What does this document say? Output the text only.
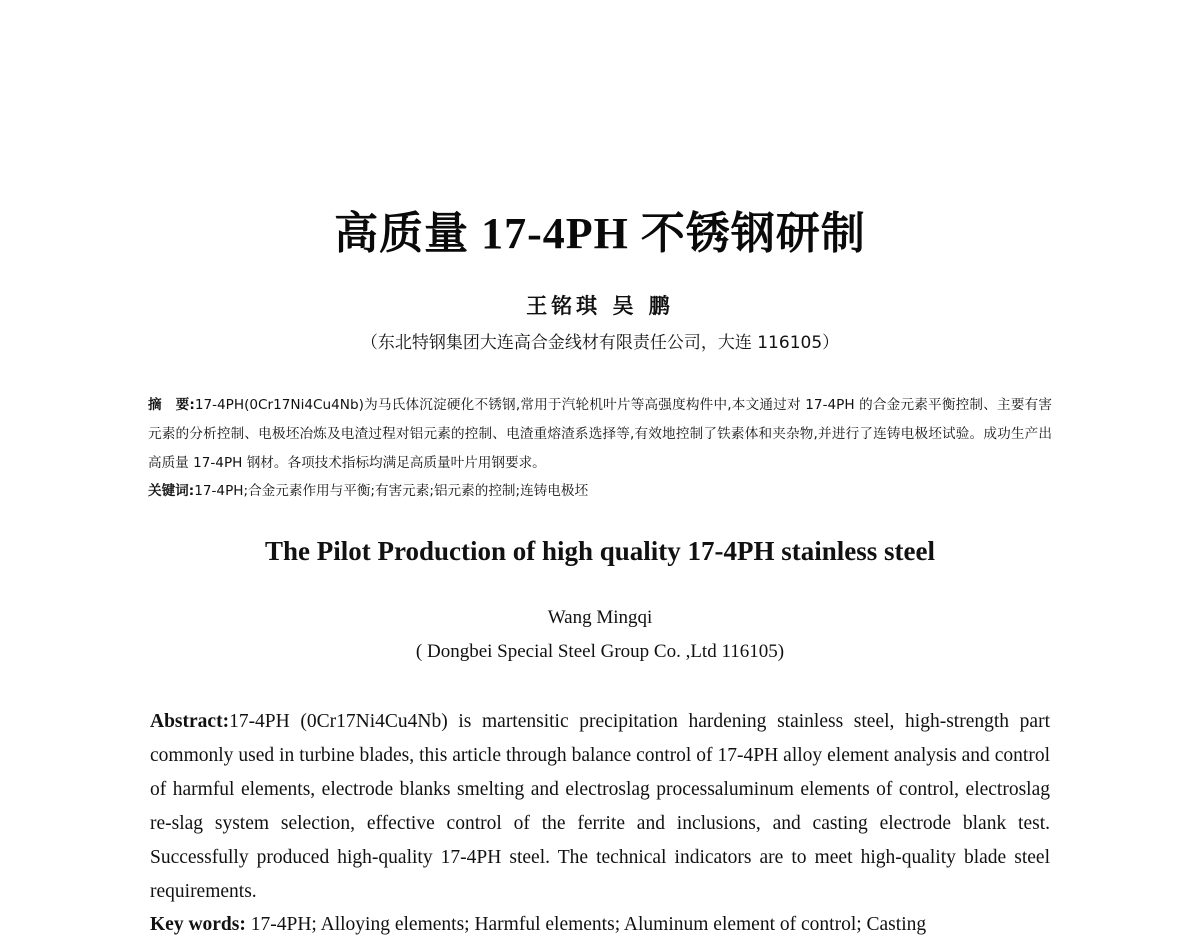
高质量 17-4PH 不锈钢研制
王铭琪 吴 鹏
（东北特钢集团大连高合金线材有限责任公司，大连 116105）
摘　要:17-4PH(0Cr17Ni4Cu4Nb)为马氏体沉淀硬化不锈钢,常用于汽轮机叶片等高强度构件中,本文通过对 17-4PH 的合金元素平衡控制、主要有害元素的分析控制、电极坯冶炼及电渣过程对铝元素的控制、电渣重熔渣系选择等,有效地控制了铁素体和夹杂物,并进行了连铸电极坯试验。成功生产出高质量 17-4PH 钢材。各项技术指标均满足高质量叶片用钢要求。
关键词:17-4PH;合金元素作用与平衡;有害元素;铝元素的控制;连铸电极坯
The Pilot Production of high quality 17-4PH stainless steel
Wang Mingqi
( Dongbei Special Steel Group Co. ,Ltd 116105)
Abstract:17-4PH (0Cr17Ni4Cu4Nb) is martensitic precipitation hardening stainless steel, high-strength part commonly used in turbine blades, this article through balance control of 17-4PH alloy element analysis and control of harmful elements, electrode blanks smelting and electroslag processaluminum elements of control, electroslag re-slag system selection, effective control of the ferrite and inclusions, and casting electrode blank test. Successfully produced high-quality 17-4PH steel. The technical indicators are to meet high-quality blade steel requirements.
Key words: 17-4PH; Alloying elements; Harmful elements; Aluminum element of control; Casting
